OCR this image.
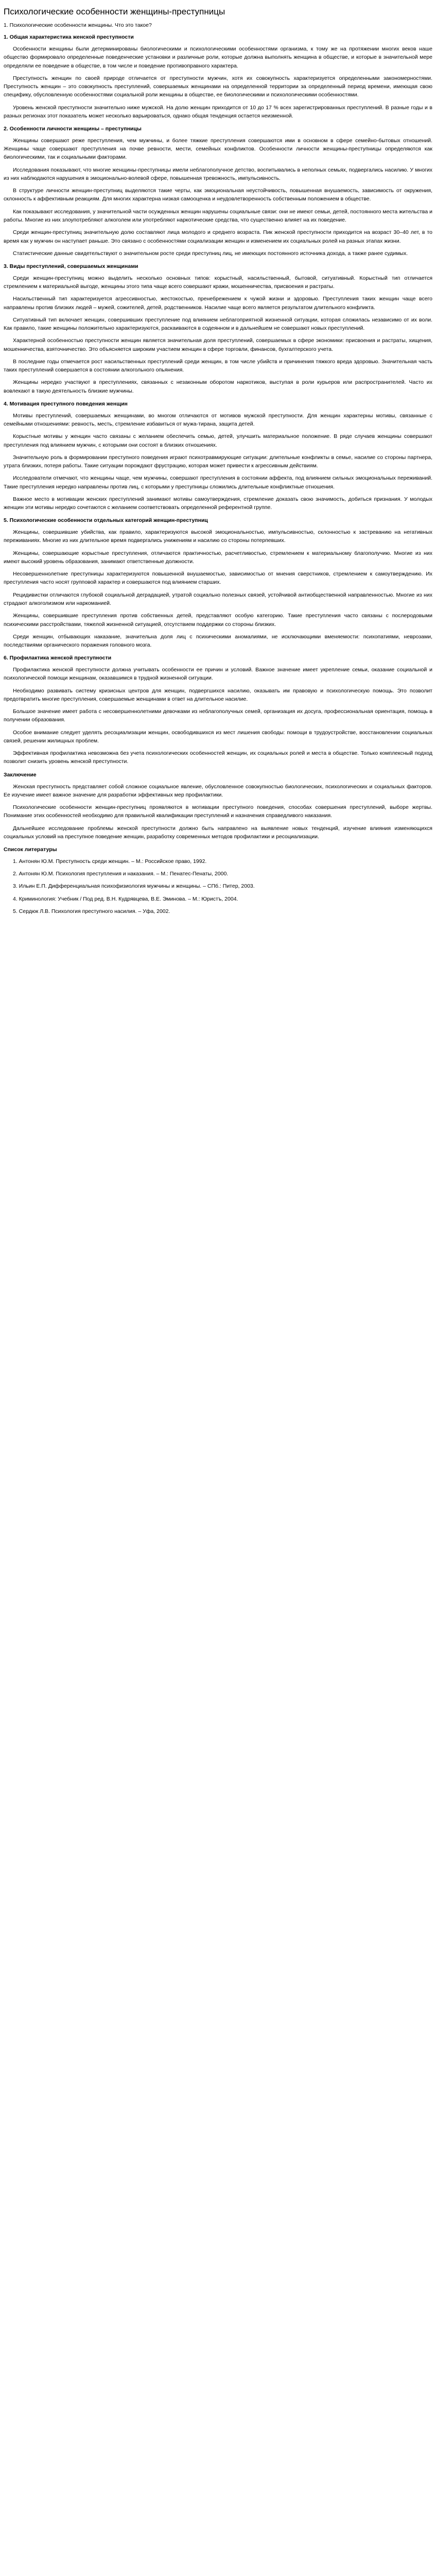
Психологические особенности женщины-преступницы

1. Психологические особенности женщины. Что это такое?

1. Общая характеристика женской преступности

Особенности женщины были детерминированы биологическими и психологическими особенностями организма, к тому же на протяжении многих веков наше общество формировало определенные поведенческие установки и различные роли, которые должна выполнять женщина в обществе, и которые в значительной мере определяли ее поведение в обществе, в том числе и поведение противоправного характера.

Преступность женщин по своей природе отличается от преступности мужчин, хотя их совокупность характеризуется определенными закономерностями. Преступность женщин – это совокупность преступлений, совершаемых женщинами на определенной территории за определенный период времени, имеющая свою специфику, обусловленную особенностями социальной роли женщины в обществе, ее биологическими и психологическими особенностями.

Уровень женской преступности значительно ниже мужской. На долю женщин приходится от 10 до 17 % всех зарегистрированных преступлений. В разные годы и в разных регионах этот показатель может несколько варьироваться, однако общая тенденция остается неизменной.

2. Особенности личности женщины – преступницы

Женщины совершают реже преступления, чем мужчины, и более тяжкие преступления совершаются ими в основном в сфере семейно-бытовых отношений. Женщины чаще совершают преступления на почве ревности, мести, семейных конфликтов. Особенности личности женщины-преступницы определяются как биологическими, так и социальными факторами.

Исследования показывают, что многие женщины-преступницы имели неблагополучное детство, воспитывались в неполных семьях, подвергались насилию. У многих из них наблюдаются нарушения в эмоционально-волевой сфере, повышенная тревожность, импульсивность.

В структуре личности женщин-преступниц выделяются такие черты, как эмоциональная неустойчивость, повышенная внушаемость, зависимость от окружения, склонность к аффективным реакциям. Для многих характерна низкая самооценка и неудовлетворенность собственным положением в обществе.

Как показывают исследования, у значительной части осужденных женщин нарушены социальные связи: они не имеют семьи, детей, постоянного места жительства и работы. Многие из них злоупотребляют алкоголем или употребляют наркотические средства, что существенно влияет на их поведение.

Среди женщин-преступниц значительную долю составляют лица молодого и среднего возраста. Пик женской преступности приходится на возраст 30–40 лет, в то время как у мужчин он наступает раньше. Это связано с особенностями социализации женщин и изменением их социальных ролей на разных этапах жизни.

Статистические данные свидетельствуют о значительном росте среди преступниц лиц, не имеющих постоянного источника дохода, а также ранее судимых.

3. Виды преступлений, совершаемых женщинами

Среди женщин-преступниц можно выделить несколько основных типов: корыстный, насильственный, бытовой, ситуативный. Корыстный тип отличается стремлением к материальной выгоде, женщины этого типа чаще всего совершают кражи, мошенничества, присвоения и растраты.

Насильственный тип характеризуется агрессивностью, жестокостью, пренебрежением к чужой жизни и здоровью. Преступления таких женщин чаще всего направлены против близких людей – мужей, сожителей, детей, родственников. Насилие чаще всего является результатом длительного конфликта.

Ситуативный тип включает женщин, совершивших преступление под влиянием неблагоприятной жизненной ситуации, которая сложилась независимо от их воли. Как правило, такие женщины положительно характеризуются, раскаиваются в содеянном и в дальнейшем не совершают новых преступлений.

Характерной особенностью преступности женщин является значительная доля преступлений, совершаемых в сфере экономики: присвоения и растраты, хищения, мошенничества, взяточничество. Это объясняется широким участием женщин в сфере торговли, финансов, бухгалтерского учета.

В последние годы отмечается рост насильственных преступлений среди женщин, в том числе убийств и причинения тяжкого вреда здоровью. Значительная часть таких преступлений совершается в состоянии алкогольного опьянения.

Женщины нередко участвуют в преступлениях, связанных с незаконным оборотом наркотиков, выступая в роли курьеров или распространителей. Часто их вовлекают в такую деятельность близкие мужчины.

4. Мотивация преступного поведения женщин

Мотивы преступлений, совершаемых женщинами, во многом отличаются от мотивов мужской преступности. Для женщин характерны мотивы, связанные с семейными отношениями: ревность, месть, стремление избавиться от мужа-тирана, защита детей.

Корыстные мотивы у женщин часто связаны с желанием обеспечить семью, детей, улучшить материальное положение. В ряде случаев женщины совершают преступления под влиянием мужчин, с которыми они состоят в близких отношениях.

Значительную роль в формировании преступного поведения играют психотравмирующие ситуации: длительные конфликты в семье, насилие со стороны партнера, утрата близких, потеря работы. Такие ситуации порождают фрустрацию, которая может привести к агрессивным действиям.

Исследователи отмечают, что женщины чаще, чем мужчины, совершают преступления в состоянии аффекта, под влиянием сильных эмоциональных переживаний. Такие преступления нередко направлены против лиц, с которыми у преступницы сложились длительные конфликтные отношения.

Важное место в мотивации женских преступлений занимают мотивы самоутверждения, стремление доказать свою значимость, добиться признания. У молодых женщин эти мотивы нередко сочетаются с желанием соответствовать определенной референтной группе.

5. Психологические особенности отдельных категорий женщин-преступниц

Женщины, совершившие убийства, как правило, характеризуются высокой эмоциональностью, импульсивностью, склонностью к застреванию на негативных переживаниях. Многие из них длительное время подвергались унижениям и насилию со стороны потерпевших.

Женщины, совершающие корыстные преступления, отличаются практичностью, расчетливостью, стремлением к материальному благополучию. Многие из них имеют высокий уровень образования, занимают ответственные должности.

Несовершеннолетние преступницы характеризуются повышенной внушаемостью, зависимостью от мнения сверстников, стремлением к самоутверждению. Их преступления часто носят групповой характер и совершаются под влиянием старших.

Рецидивистки отличаются глубокой социальной деградацией, утратой социально полезных связей, устойчивой антиобщественной направленностью. Многие из них страдают алкоголизмом или наркоманией.

Женщины, совершившие преступления против собственных детей, представляют особую категорию. Такие преступления часто связаны с послеродовыми психическими расстройствами, тяжелой жизненной ситуацией, отсутствием поддержки со стороны близких.

Среди женщин, отбывающих наказание, значительна доля лиц с психическими аномалиями, не исключающими вменяемости: психопатиями, неврозами, последствиями органического поражения головного мозга.

6. Профилактика женской преступности

Профилактика женской преступности должна учитывать особенности ее причин и условий. Важное значение имеет укрепление семьи, оказание социальной и психологической помощи женщинам, оказавшимся в трудной жизненной ситуации.

Необходимо развивать систему кризисных центров для женщин, подвергшихся насилию, оказывать им правовую и психологическую помощь. Это позволит предотвратить многие преступления, совершаемые женщинами в ответ на длительное насилие.

Большое значение имеет работа с несовершеннолетними девочками из неблагополучных семей, организация их досуга, профессиональная ориентация, помощь в получении образования.

Особое внимание следует уделять ресоциализации женщин, освободившихся из мест лишения свободы: помощи в трудоустройстве, восстановлении социальных связей, решении жилищных проблем.

Эффективная профилактика невозможна без учета психологических особенностей женщин, их социальных ролей и места в обществе. Только комплексный подход позволит снизить уровень женской преступности.

Заключение

Женская преступность представляет собой сложное социальное явление, обусловленное совокупностью биологических, психологических и социальных факторов. Ее изучение имеет важное значение для разработки эффективных мер профилактики.

Психологические особенности женщин-преступниц проявляются в мотивации преступного поведения, способах совершения преступлений, выборе жертвы. Понимание этих особенностей необходимо для правильной квалификации преступлений и назначения справедливого наказания.

Дальнейшее исследование проблемы женской преступности должно быть направлено на выявление новых тенденций, изучение влияния изменяющихся социальных условий на преступное поведение женщин, разработку современных методов профилактики и ресоциализации.

Список литературы

1. Антонян Ю.М. Преступность среди женщин. – М.: Российское право, 1992.

2. Антонян Ю.М. Психология преступления и наказания. – М.: Пенатес-Пенаты, 2000.

3. Ильин Е.П. Дифференциальная психофизиология мужчины и женщины. – СПб.: Питер, 2003.

4. Криминология: Учебник / Под ред. В.Н. Кудрявцева, В.Е. Эминова. – М.: Юристъ, 2004.

5. Сердюк Л.В. Психология преступного насилия. – Уфа, 2002.
